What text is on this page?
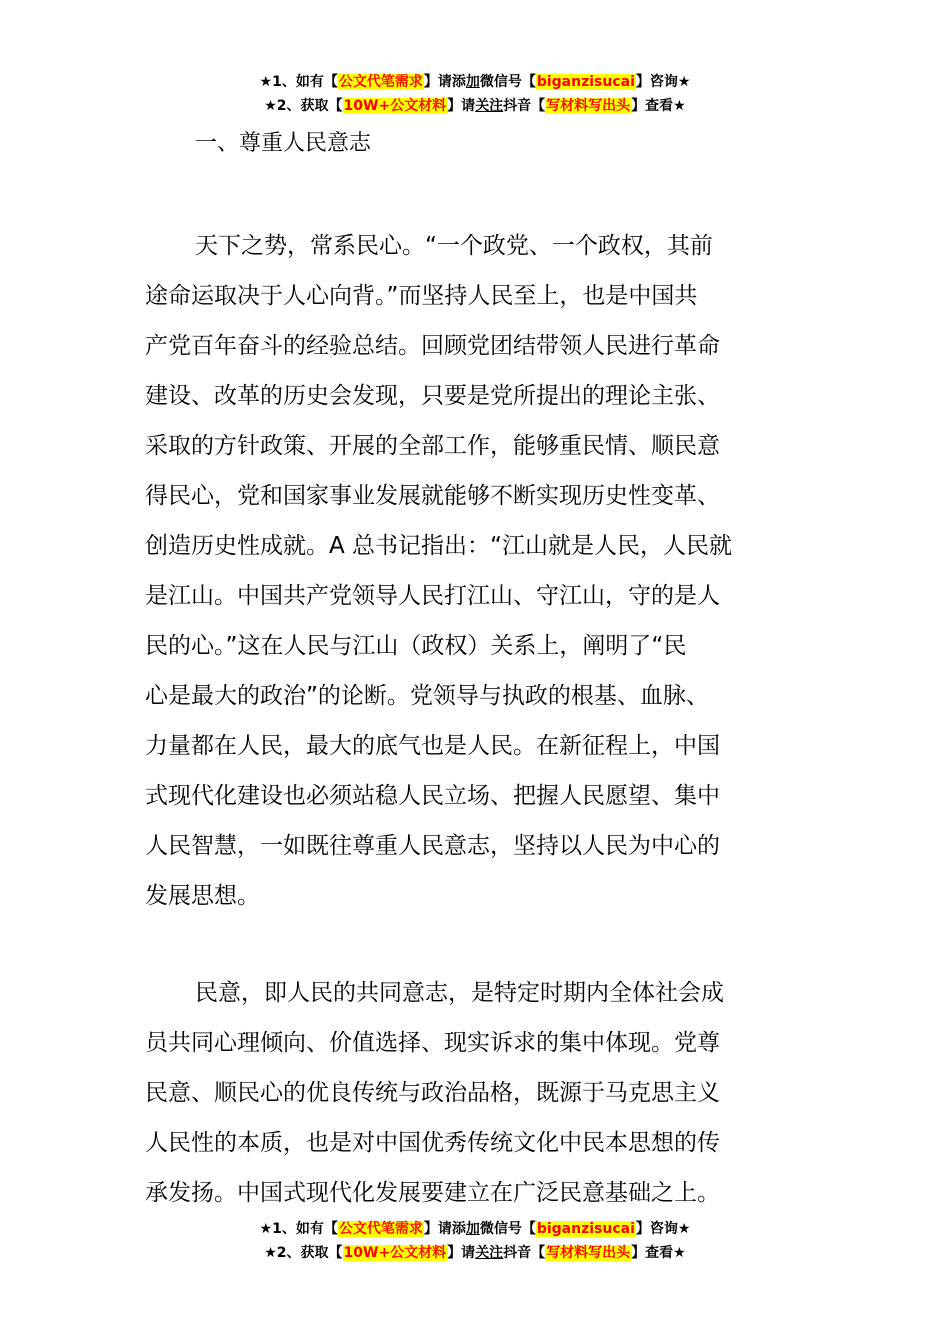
★1、如有【公文代笔需求】请添加微信号【biganzisucai】咨询★
★2、获取【10W+公文材料】请关注抖音【写材料写出头】查看★
一、尊重人民意志
天下之势，常系民心。“一个政党、一个政权，其前
途命运取决于人心向背。”而坚持人民至上，也是中国共
产党百年奋斗的经验总结。回顾党团结带领人民进行革命
建设、改革的历史会发现，只要是党所提出的理论主张、
采取的方针政策、开展的全部工作，能够重民情、顺民意
得民心，党和国家事业发展就能够不断实现历史性变革、
创造历史性成就。A 总书记指出：“江山就是人民，人民就
是江山。中国共产党领导人民打江山、守江山，守的是人
民的心。”这在人民与江山（政权）关系上，阐明了“民
心是最大的政治”的论断。党领导与执政的根基、血脉、
力量都在人民，最大的底气也是人民。在新征程上，中国
式现代化建设也必须站稳人民立场、把握人民愿望、集中
人民智慧，一如既往尊重人民意志，坚持以人民为中心的
发展思想。
民意，即人民的共同意志，是特定时期内全体社会成
员共同心理倾向、价值选择、现实诉求的集中体现。党尊
民意、顺民心的优良传统与政治品格，既源于马克思主义
人民性的本质，也是对中国优秀传统文化中民本思想的传
承发扬。中国式现代化发展要建立在广泛民意基础之上。
★1、如有【公文代笔需求】请添加微信号【biganzisucai】咨询★
★2、获取【10W+公文材料】请关注抖音【写材料写出头】查看★
